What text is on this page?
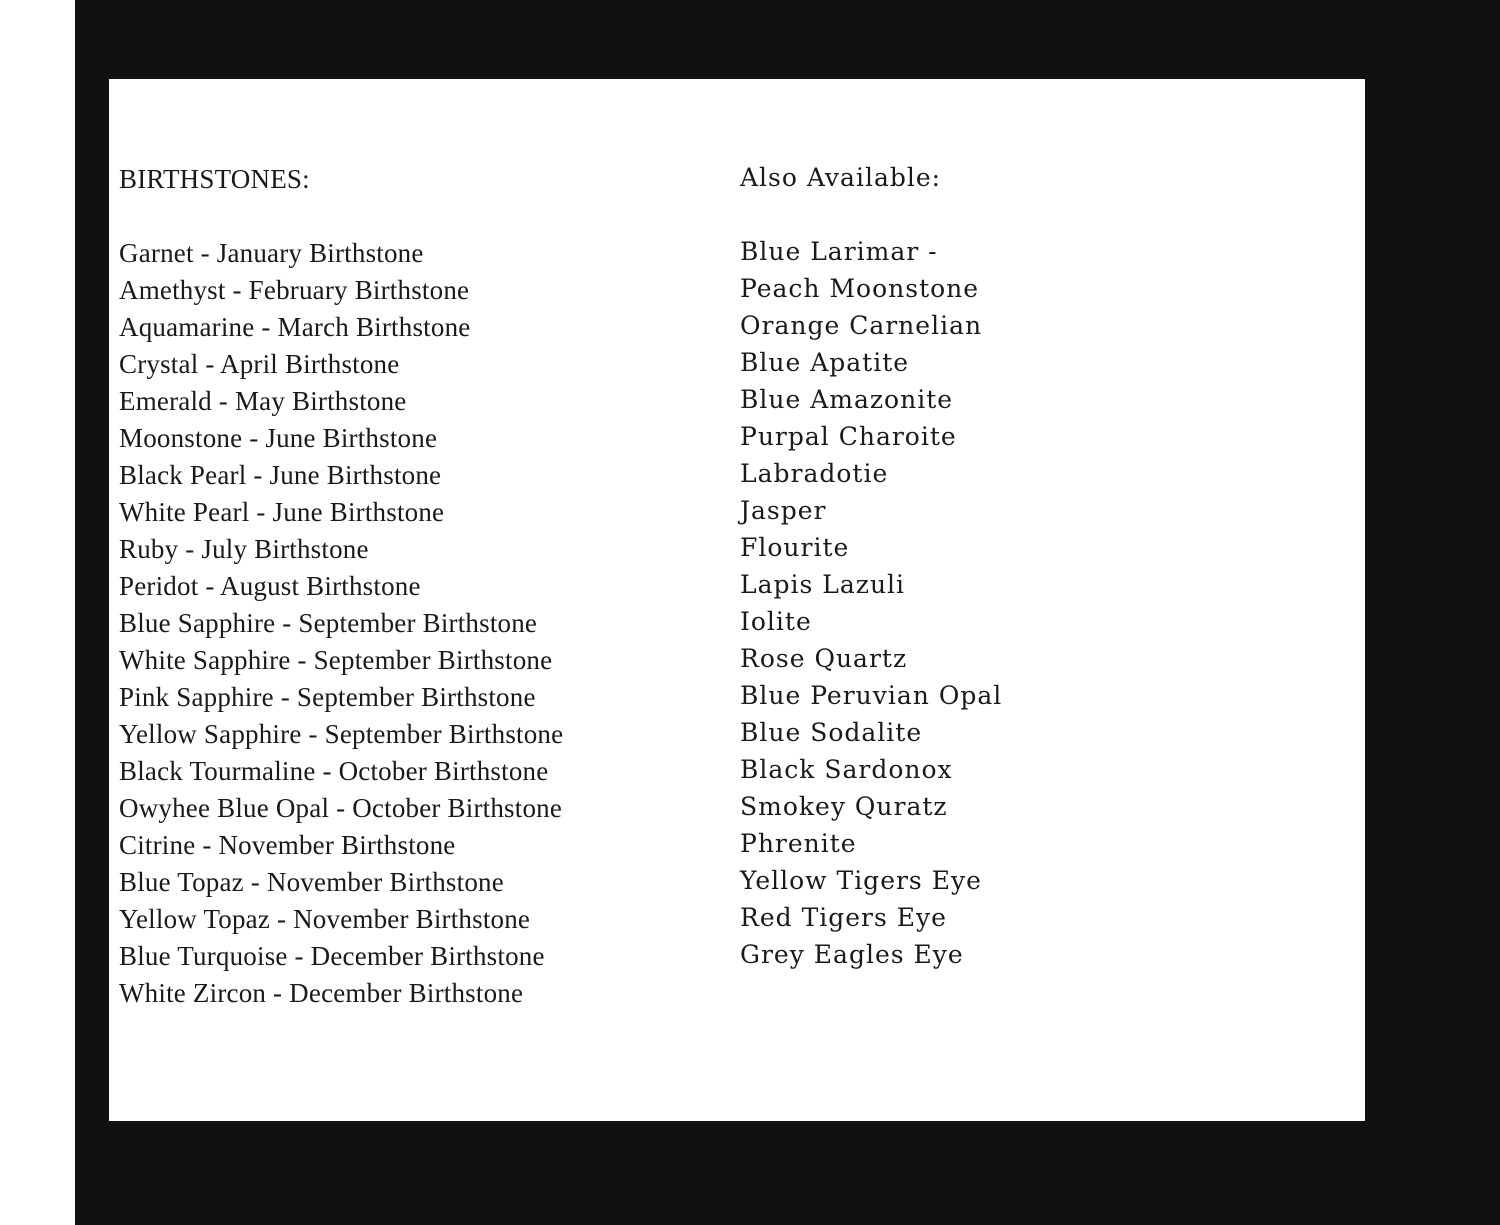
BIRTHSTONES:
Garnet - January Birthstone
Amethyst - February Birthstone
Aquamarine - March Birthstone
Crystal - April Birthstone
Emerald - May Birthstone
Moonstone - June Birthstone
Black Pearl - June Birthstone
White Pearl - June Birthstone
Ruby - July Birthstone
Peridot - August Birthstone
Blue Sapphire - September Birthstone
White Sapphire - September Birthstone
Pink Sapphire - September Birthstone
Yellow Sapphire - September Birthstone
Black Tourmaline - October Birthstone
Owyhee Blue Opal - October Birthstone
Citrine - November Birthstone
Blue Topaz - November Birthstone
Yellow Topaz - November Birthstone
Blue Turquoise - December Birthstone
White Zircon - December Birthstone
Also Available:
Blue Larimar -
Peach Moonstone
Orange Carnelian
Blue Apatite
Blue Amazonite
Purpal Charoite
Labradotie
Jasper
Flourite
Lapis Lazuli
Iolite
Rose Quartz
Blue Peruvian Opal
Blue Sodalite
Black Sardonox
Smokey Quratz
Phrenite
Yellow Tigers Eye
Red Tigers Eye
Grey Eagles Eye
